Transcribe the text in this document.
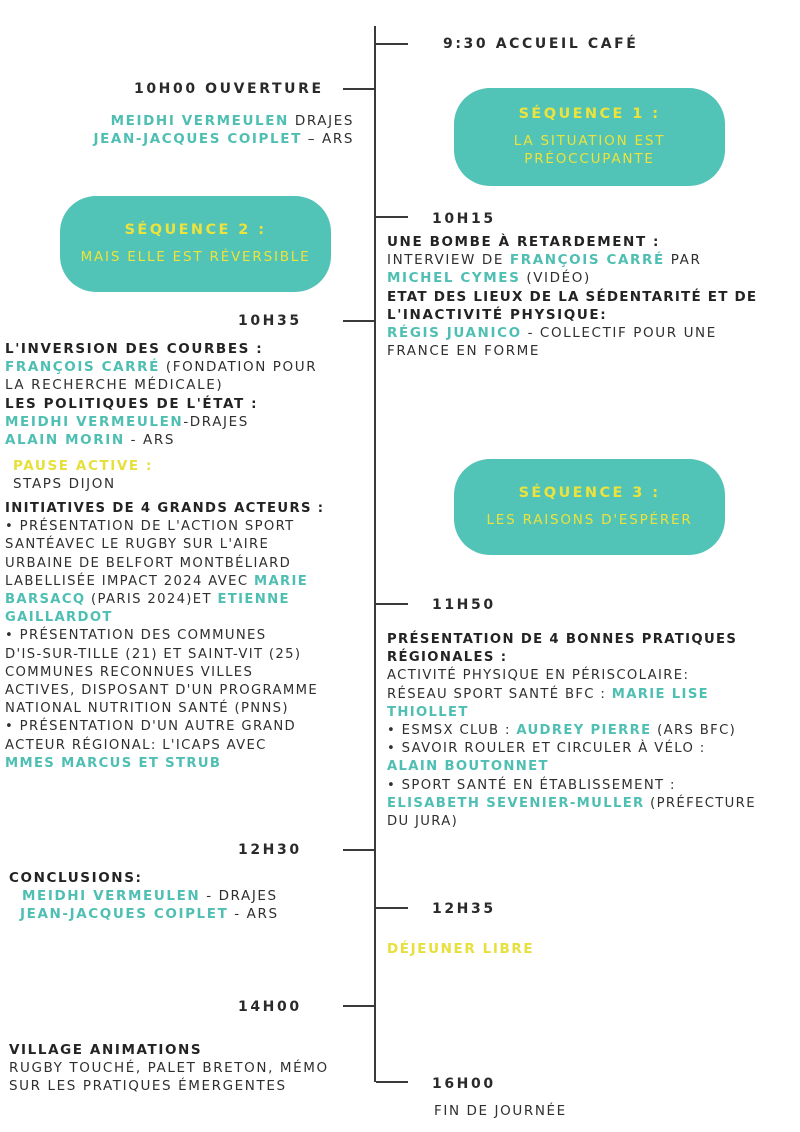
9:30 ACCUEIL CAFÉ
10H00 OUVERTURE
10H15
10H35
11H50
12H30
12H35
14H00
16H00

MEIDHI VERMEULEN DRAJES

JEAN-JACQUES COIPLET – ARS

SÉQUENCE 1 :
LA SITUATION EST
PRÉOCCUPANTE
SÉQUENCE 2 :
MAIS ELLE EST RÉVERSIBLE
SÉQUENCE 3 :
LES RAISONS D'ESPÉRER

UNE BOMBE À RETARDEMENT :

INTERVIEW DE FRANÇOIS CARRÉ PAR

MICHEL CYMES (VIDÉO)

ETAT DES LIEUX DE LA SÉDENTARITÉ ET DE

L'INACTIVITÉ PHYSIQUE:

RÉGIS JUANICO - COLLECTIF POUR UNE

FRANCE EN FORME

L'INVERSION DES COURBES :

FRANÇOIS CARRÉ (FONDATION POUR

LA RECHERCHE MÉDICALE)

LES POLITIQUES DE L'ÉTAT :

MEIDHI VERMEULEN-DRAJES

ALAIN MORIN - ARS

PAUSE ACTIVE :

STAPS DIJON

INITIATIVES DE 4 GRANDS ACTEURS :

• PRÉSENTATION DE L'ACTION SPORT

SANTÉAVEC LE RUGBY SUR L'AIRE

URBAINE DE BELFORT MONTBÉLIARD

LABELLISÉE IMPACT 2024 AVEC MARIE

BARSACQ (PARIS 2024)ET ETIENNE

GAILLARDOT

• PRÉSENTATION DES COMMUNES

D'IS-SUR-TILLE (21) ET SAINT-VIT (25)

COMMUNES RECONNUES VILLES

ACTIVES, DISPOSANT D'UN PROGRAMME

NATIONAL NUTRITION SANTÉ (PNNS)

• PRÉSENTATION D'UN AUTRE GRAND

ACTEUR RÉGIONAL: L'ICAPS AVEC

MMES MARCUS ET STRUB

PRÉSENTATION DE 4 BONNES PRATIQUES

RÉGIONALES :

ACTIVITÉ PHYSIQUE EN PÉRISCOLAIRE:

RÉSEAU SPORT SANTÉ BFC : MARIE LISE

THIOLLET

• ESMSX CLUB : AUDREY PIERRE (ARS BFC)

• SAVOIR ROULER ET CIRCULER À VÉLO :

ALAIN BOUTONNET

• SPORT SANTÉ EN ÉTABLISSEMENT :

ELISABETH SEVENIER-MULLER (PRÉFECTURE

DU JURA)

CONCLUSIONS:

MEIDHI VERMEULEN - DRAJES

JEAN-JACQUES COIPLET - ARS

DÉJEUNER LIBRE

VILLAGE ANIMATIONS

RUGBY TOUCHÉ, PALET BRETON, MÉMO

SUR LES PRATIQUES ÉMERGENTES

FIN DE JOURNÉE
